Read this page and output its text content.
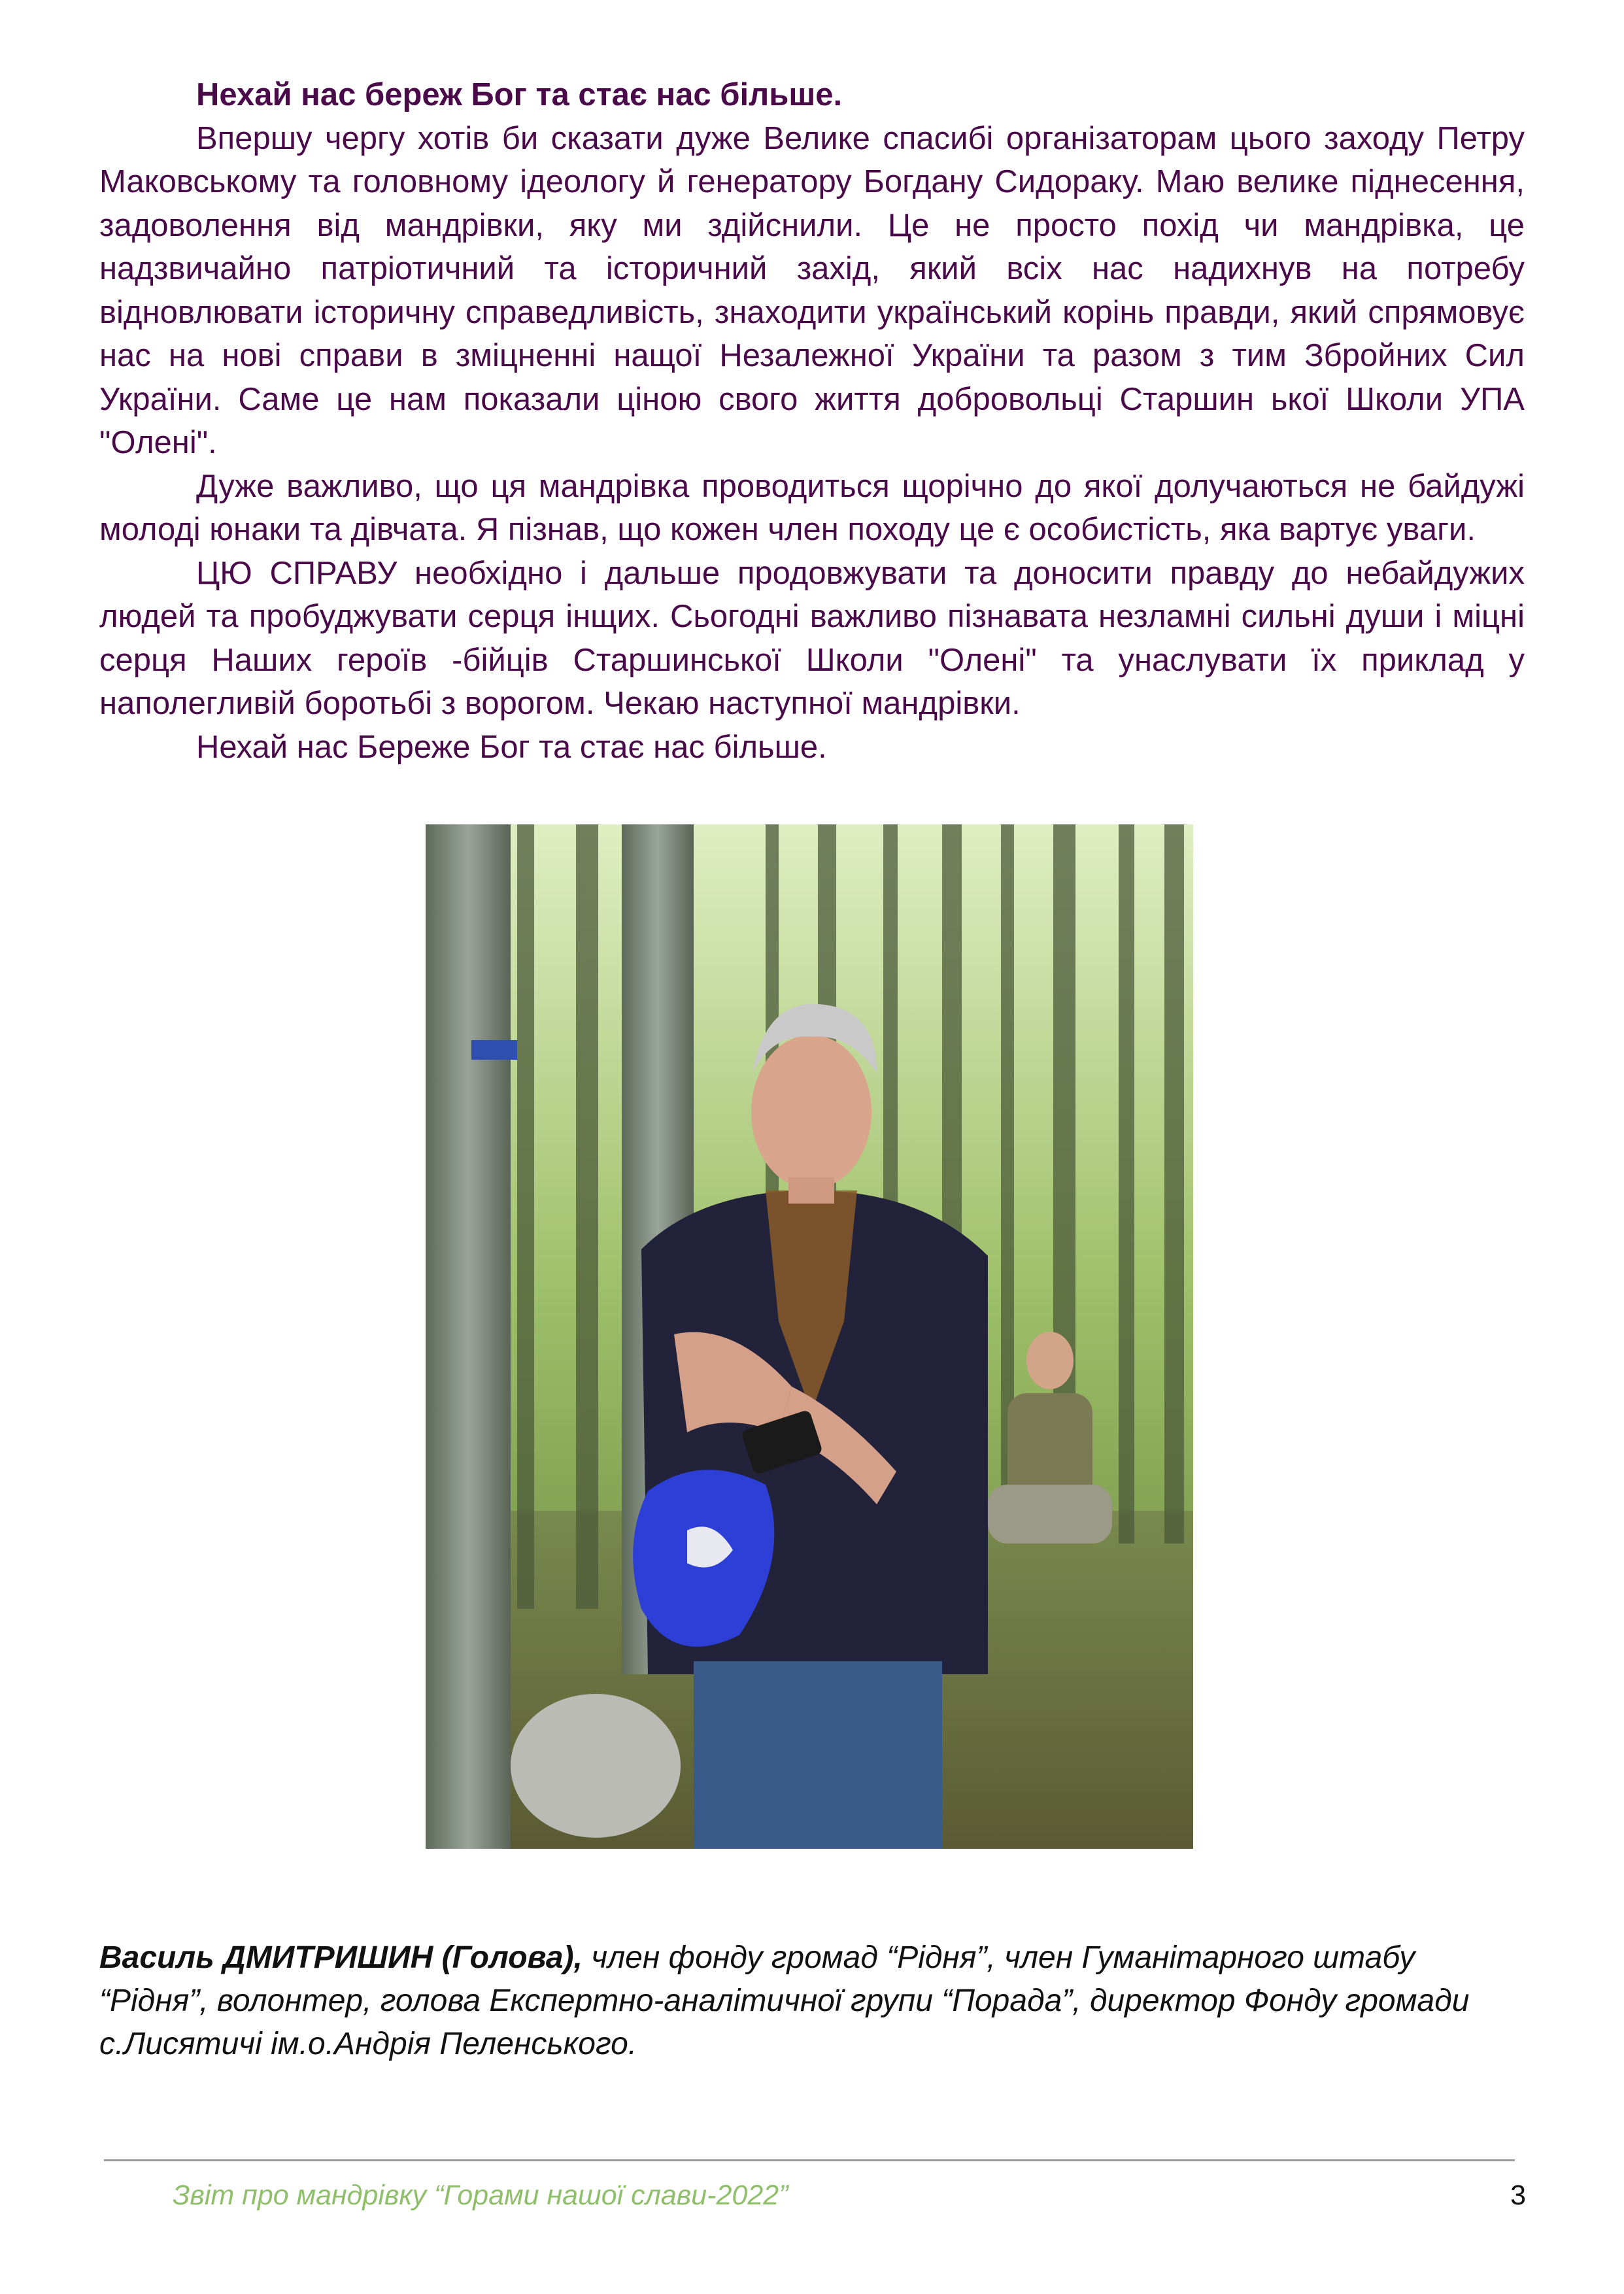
Нехай нас береж Бог та стає нас більше.

Впершу чергу хотів би сказати дуже Велике спасибі організаторам цього заходу Петру Маковському та головному ідеологу й генератору Богдану Сидораку. Маю велике піднесення, задоволення від мандрівки, яку ми здійснили. Це не просто похід чи мандрівка, це надзвичайно патріотичний та історичний захід, який всіх нас надихнув на потребу відновлювати історичну справедливість, знаходити український корінь правди, який спрямовує нас на нові справи в зміцненні нащої Незалежної України та разом з тим Збройних Сил України. Саме це нам показали ціною свого життя добровольці Старшин ької Школи УПА "Олені".

Дуже важливо, що ця мандрівка проводиться щорічно до якої долучаються не байдужі молоді юнаки та дівчата. Я пізнав, що кожен член походу це є особистість, яка вартує уваги.

ЦЮ СПРАВУ необхідно і дальше продовжувати та доносити правду до небайдужих людей та пробуджувати серця інщих. Сьогодні важливо пізнавата незламні сильні души і міцні серця Наших героїв -бійців Старшинської Школи "Олені" та унаслувати їх приклад у наполегливій боротьбі з ворогом. Чекаю наступної мандрівки.

Нехай нас Береже Бог та стає нас більше.

Василь ДМИТРИШИН (Голова), член фонду громад “Рідня”, член Гуманітарного штабу “Рідня”, волонтер, голова Експертно-аналітичної групи “Порада”, директор Фонду громади с.Лисятичі ім.о.Андрія Пеленського.

Звіт про мандрівку “Горами нашої слави-2022”	3
